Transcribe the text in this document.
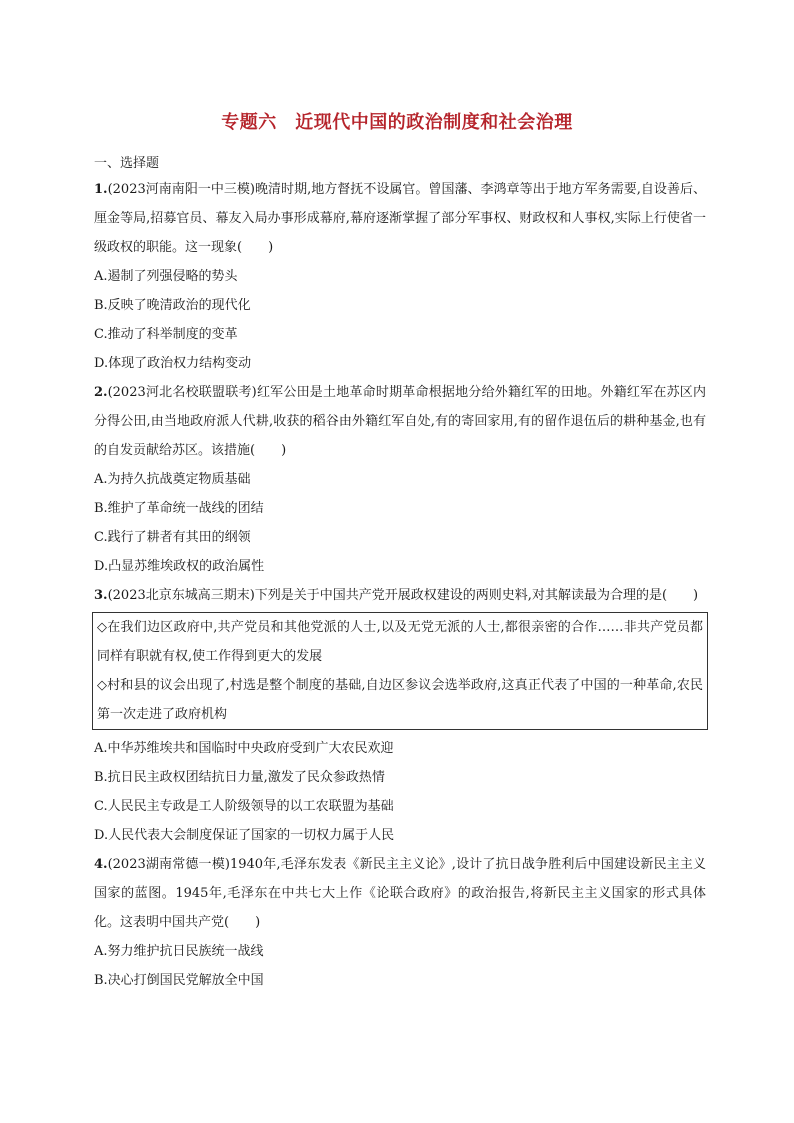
专题六　近现代中国的政治制度和社会治理
一、选择题

1.(2023河南南阳一中三模)晚清时期,地方督抚不设属官。曾国藩、李鸿章等出于地方军务需要,自设善后、厘金等局,招募官员、幕友入局办事形成幕府,幕府逐渐掌握了部分军事权、财政权和人事权,实际上行使省一级政权的职能。这一现象(　　)

A.遏制了列强侵略的势头

B.反映了晚清政治的现代化

C.推动了科举制度的变革

D.体现了政治权力结构变动

2.(2023河北名校联盟联考)红军公田是土地革命时期革命根据地分给外籍红军的田地。外籍红军在苏区内分得公田,由当地政府派人代耕,收获的稻谷由外籍红军自处,有的寄回家用,有的留作退伍后的耕种基金,也有的自发贡献给苏区。该措施(　　)

A.为持久抗战奠定物质基础

B.维护了革命统一战线的团结

C.践行了耕者有其田的纲领

D.凸显苏维埃政权的政治属性

3.(2023北京东城高三期末)下列是关于中国共产党开展政权建设的两则史料,对其解读最为合理的是(　　)

◇在我们边区政府中,共产党员和其他党派的人士,以及无党无派的人士,都很亲密的合作……非共产党员都同样有职就有权,使工作得到更大的发展

◇村和县的议会出现了,村选是整个制度的基础,自边区参议会选举政府,这真正代表了中国的一种革命,农民第一次走进了政府机构

A.中华苏维埃共和国临时中央政府受到广大农民欢迎

B.抗日民主政权团结抗日力量,激发了民众参政热情

C.人民民主专政是工人阶级领导的以工农联盟为基础

D.人民代表大会制度保证了国家的一切权力属于人民

4.(2023湖南常德一模)1940年,毛泽东发表《新民主主义论》,设计了抗日战争胜利后中国建设新民主主义国家的蓝图。1945年,毛泽东在中共七大上作《论联合政府》的政治报告,将新民主主义国家的形式具体化。这表明中国共产党(　　)

A.努力维护抗日民族统一战线

B.决心打倒国民党解放全中国
